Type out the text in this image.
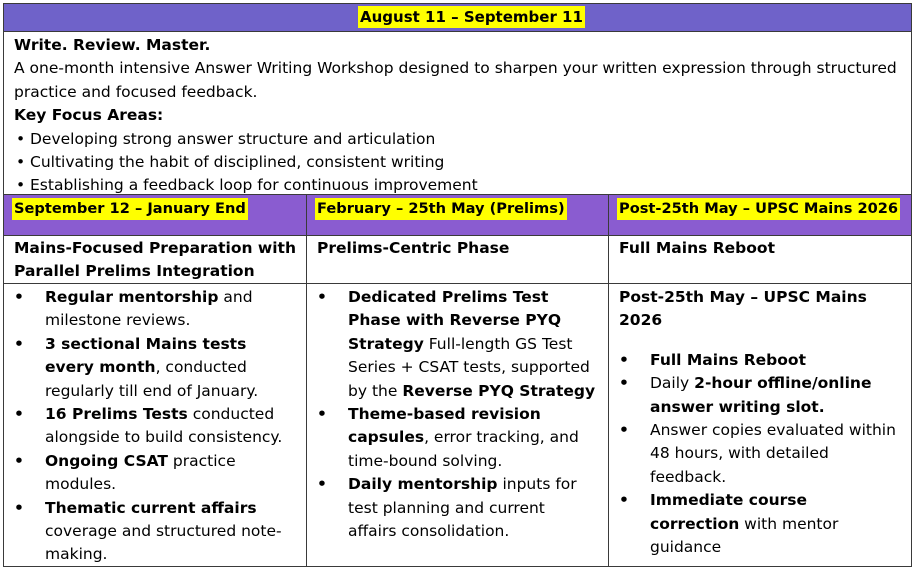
August 11 – September 11
Write. Review. Master.
A one-month intensive Answer Writing Workshop designed to sharpen your written expression through structured practice and focused feedback.
Key Focus Areas:
• Developing strong answer structure and articulation
• Cultivating the habit of disciplined, consistent writing
• Establishing a feedback loop for continuous improvement
September 12 – January End
Mains-Focused Preparation with Parallel Prelims Integration
• Regular mentorship and milestone reviews.
• 3 sectional Mains tests every month, conducted regularly till end of January.
• 16 Prelims Tests conducted alongside to build consistency.
• Ongoing CSAT practice modules.
• Thematic current affairs coverage and structured note-making.
February – 25th May (Prelims)
Prelims-Centric Phase
• Dedicated Prelims Test Phase with Reverse PYQ Strategy Full-length GS Test Series + CSAT tests, supported by the Reverse PYQ Strategy
• Theme-based revision capsules, error tracking, and time-bound solving.
• Daily mentorship inputs for test planning and current affairs consolidation.
Post-25th May – UPSC Mains 2026
Full Mains Reboot
Post-25th May – UPSC Mains 2026
• Full Mains Reboot
• Daily 2-hour offline/online answer writing slot.
• Answer copies evaluated within 48 hours, with detailed feedback.
• Immediate course correction with mentor guidance
